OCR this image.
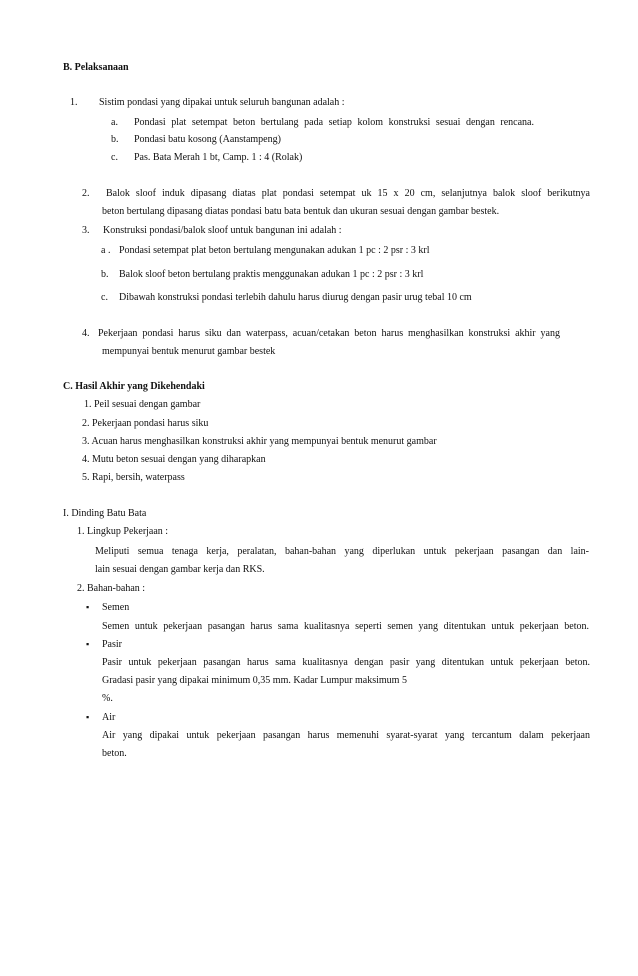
B. Pelaksanaan
1. Sistim pondasi yang dipakai untuk seluruh bangunan adalah :
a. Pondasi plat setempat beton bertulang pada setiap kolom konstruksi sesuai dengan rencana.
b. Pondasi batu kosong (Aanstampeng)
c. Pas. Bata Merah 1 bt, Camp. 1 : 4 (Rolak)
2. Balok sloof induk dipasang diatas plat pondasi setempat uk 15 x 20 cm, selanjutnya balok sloof berikutnya
beton bertulang dipasang diatas pondasi batu bata bentuk dan ukuran sesuai dengan gambar bestek.
3. Konstruksi pondasi/balok sloof untuk bangunan ini adalah :
a . Pondasi setempat plat beton bertulang mengunakan adukan 1 pc : 2 psr : 3 krl
b. Balok sloof beton bertulang praktis menggunakan adukan 1 pc : 2 psr : 3 krl
c. Dibawah konstruksi pondasi terlebih dahulu harus diurug dengan pasir urug tebal 10 cm
4. Pekerjaan pondasi harus siku dan waterpass, acuan/cetakan beton harus menghasilkan konstruksi akhir yang
mempunyai bentuk menurut gambar bestek
C. Hasil Akhir yang Dikehendaki
1. Peil sesuai dengan gambar
2. Pekerjaan pondasi harus siku
3. Acuan harus menghasilkan konstruksi akhir yang mempunyai bentuk menurut gambar
4. Mutu beton sesuai dengan yang diharapkan
5. Rapi, bersih, waterpass
I. Dinding Batu Bata
1. Lingkup Pekerjaan :
Meliputi semua tenaga kerja, peralatan, bahan-bahan yang diperlukan untuk pekerjaan pasangan dan lain-
lain sesuai dengan gambar kerja dan RKS.
2. Bahan-bahan :
▪ Semen
Semen untuk pekerjaan pasangan harus sama kualitasnya seperti semen yang ditentukan untuk pekerjaan beton.
▪ Pasir
Pasir untuk pekerjaan pasangan harus sama kualitasnya dengan pasir yang ditentukan untuk pekerjaan beton.
Gradasi pasir yang dipakai minimum 0,35 mm. Kadar Lumpur maksimum 5
%.
▪ Air
Air yang dipakai untuk pekerjaan pasangan harus memenuhi syarat-syarat yang tercantum dalam pekerjaan
beton.
